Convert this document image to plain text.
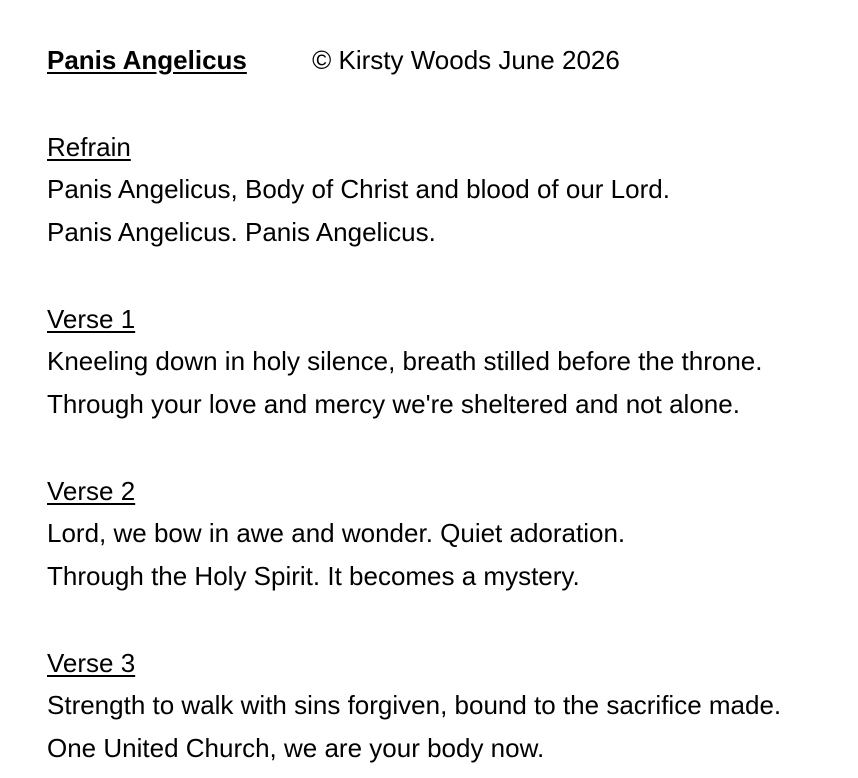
Panis Angelicus	© Kirsty Woods June 2026
Refrain
Panis Angelicus, Body of Christ and blood of our Lord.
Panis Angelicus. Panis Angelicus.
Verse 1
Kneeling down in holy silence, breath stilled before the throne.
Through your love and mercy we're sheltered and not alone.
Verse 2
Lord, we bow in awe and wonder. Quiet adoration.
Through the Holy Spirit. It becomes a mystery.
Verse 3
Strength to walk with sins forgiven, bound to the sacrifice made.
One United Church, we are your body now.
